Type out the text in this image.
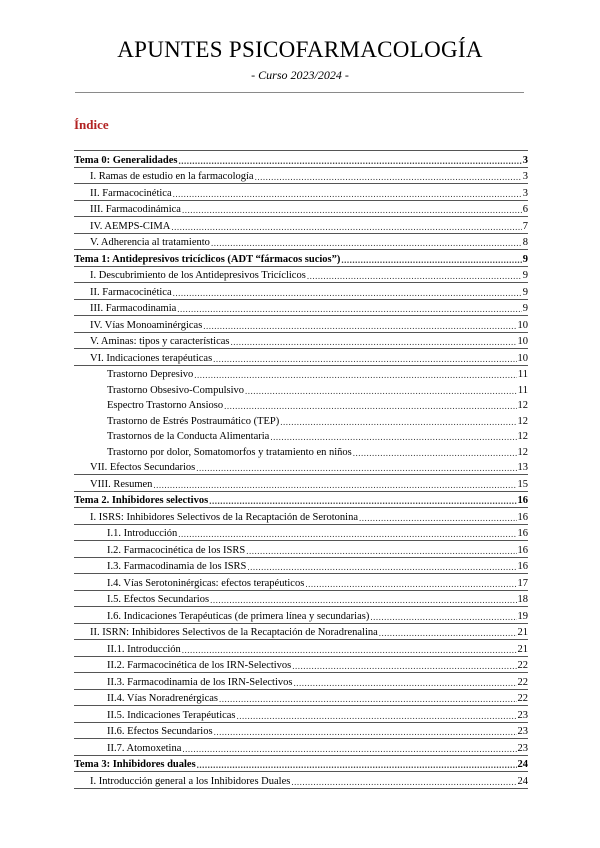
APUNTES PSICOFARMACOLOGÍA
- Curso 2023/2024 -
Índice
Tema 0: Generalidades .....	3
I. Ramas de estudio en la farmacología .....	3
II. Farmacocinética .....	3
III. Farmacodinámica .....	6
IV. AEMPS-CIMA .....	7
V. Adherencia al tratamiento .....	8
Tema 1: Antidepresivos tricíclicos (ADT “fármacos sucios”) .....	9
I. Descubrimiento de los Antidepresivos Tricíclicos .....	9
II. Farmacocinética .....	9
III. Farmacodinamia .....	9
IV. Vías Monoaminérgicas .....	10
V. Aminas: tipos y características .....	10
VI. Indicaciones terapéuticas .....	10
Trastorno Depresivo .....	11
Trastorno Obsesivo-Compulsivo .....	11
Espectro Trastorno Ansioso .....	12
Trastorno de Estrés Postraumático (TEP) .....	12
Trastornos de la Conducta Alimentaria .....	12
Trastorno por dolor, Somatomorfos y tratamiento en niños .....	12
VII. Efectos Secundarios .....	13
VIII. Resumen .....	15
Tema 2. Inhibidores selectivos .....	16
I. ISRS: Inhibidores Selectivos de la Recaptación de Serotonina .....	16
I.1. Introducción .....	16
I.2. Farmacocinética de los ISRS .....	16
I.3. Farmacodinamia de los ISRS .....	16
I.4. Vías Serotoninérgicas: efectos terapéuticos .....	17
I.5. Efectos Secundarios .....	18
I.6. Indicaciones Terapéuticas (de primera línea y secundarias) .....	19
II. ISRN: Inhibidores Selectivos de la Recaptación de Noradrenalina .....	21
II.1. Introducción .....	21
II.2. Farmacocinética de los IRN-Selectivos .....	22
II.3. Farmacodinamia de los IRN-Selectivos .....	22
II.4. Vías Noradrenérgicas .....	22
II.5. Indicaciones Terapéuticas .....	23
II.6. Efectos Secundarios .....	23
II.7. Atomoxetina .....	23
Tema 3: Inhibidores duales .....	24
I. Introducción general a los Inhibidores Duales .....	24
